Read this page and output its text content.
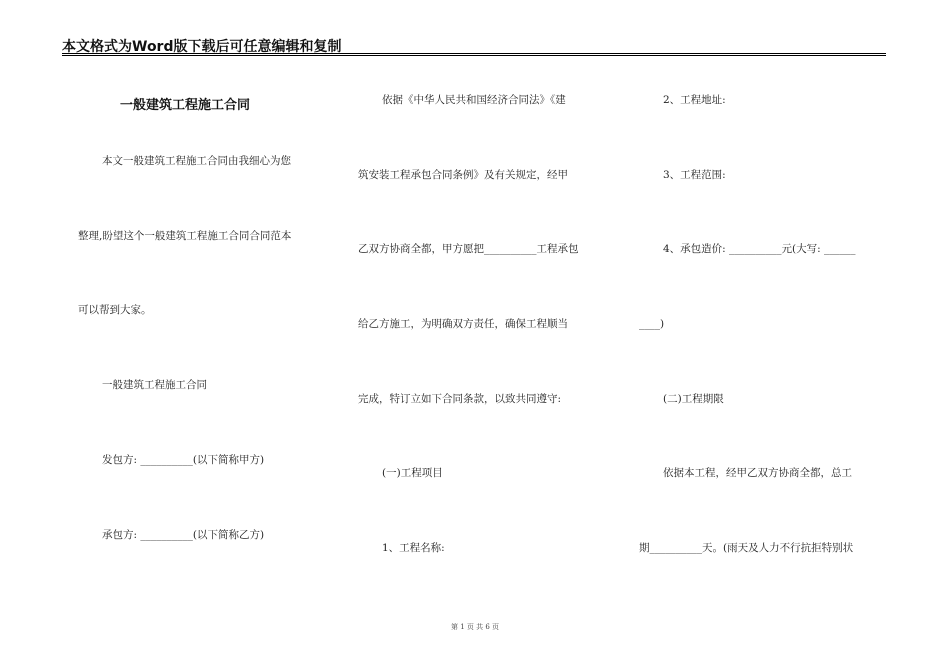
本文格式为Word版下载后可任意编辑和复制
一般建筑工程施工合同
本文一般建筑工程施工合同由我细心为您
整理,盼望这个一般建筑工程施工合同合同范本
可以帮到大家。
一般建筑工程施工合同
发包方: __________(以下简称甲方)
承包方: __________(以下简称乙方)
依据《中华人民共和国经济合同法》《建
筑安装工程承包合同条例》及有关规定，经甲
乙双方协商全都，甲方愿把__________工程承包
给乙方施工，为明确双方责任，确保工程顺当
完成，特订立如下合同条款，以致共同遵守:
(一)工程项目
1、工程名称:
2、工程地址:
3、工程范围:
4、承包造价: __________元(大写: ______
____)
(二)工程期限
依据本工程，经甲乙双方协商全都，总工
期__________天。(雨天及人力不行抗拒特别状
第 1 页 共 6 页
